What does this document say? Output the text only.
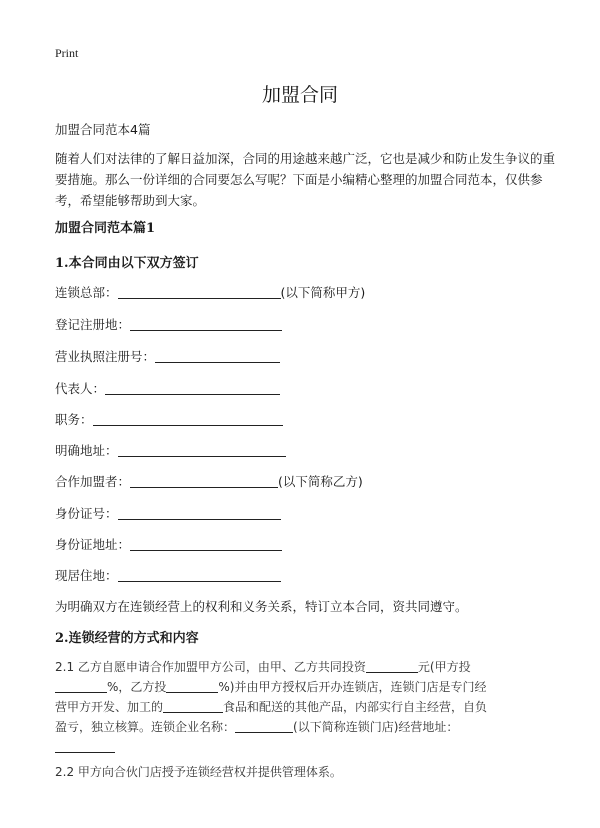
Print
加盟合同
加盟合同范本4篇
随着人们对法律的了解日益加深，合同的用途越来越广泛，它也是减少和防止发生争议的重要措施。那么一份详细的合同要怎么写呢？下面是小编精心整理的加盟合同范本，仅供参考，希望能够帮助到大家。
加盟合同范本篇1
1.本合同由以下双方签订
连锁总部：	(以下简称甲方)
登记注册地：
营业执照注册号：
代表人：
职务：
明确地址：
合作加盟者：	(以下简称乙方)
身份证号：
身份证地址：
现居住地：
为明确双方在连锁经营上的权利和义务关系，特订立本合同，资共同遵守。
2.连锁经营的方式和内容
2.1 乙方自愿申请合作加盟甲方公司，由甲、乙方共同投资	元(甲方投
%，乙方投	%)并由甲方授权后开办连锁店，连锁门店是专门经
营甲方开发、加工的	食品和配送的其他产品，内部实行自主经营，自负
盈亏，独立核算。连锁企业名称：	(以下简称连锁门店)经营地址：
2.2 甲方向合伙门店授予连锁经营权并提供管理体系。
